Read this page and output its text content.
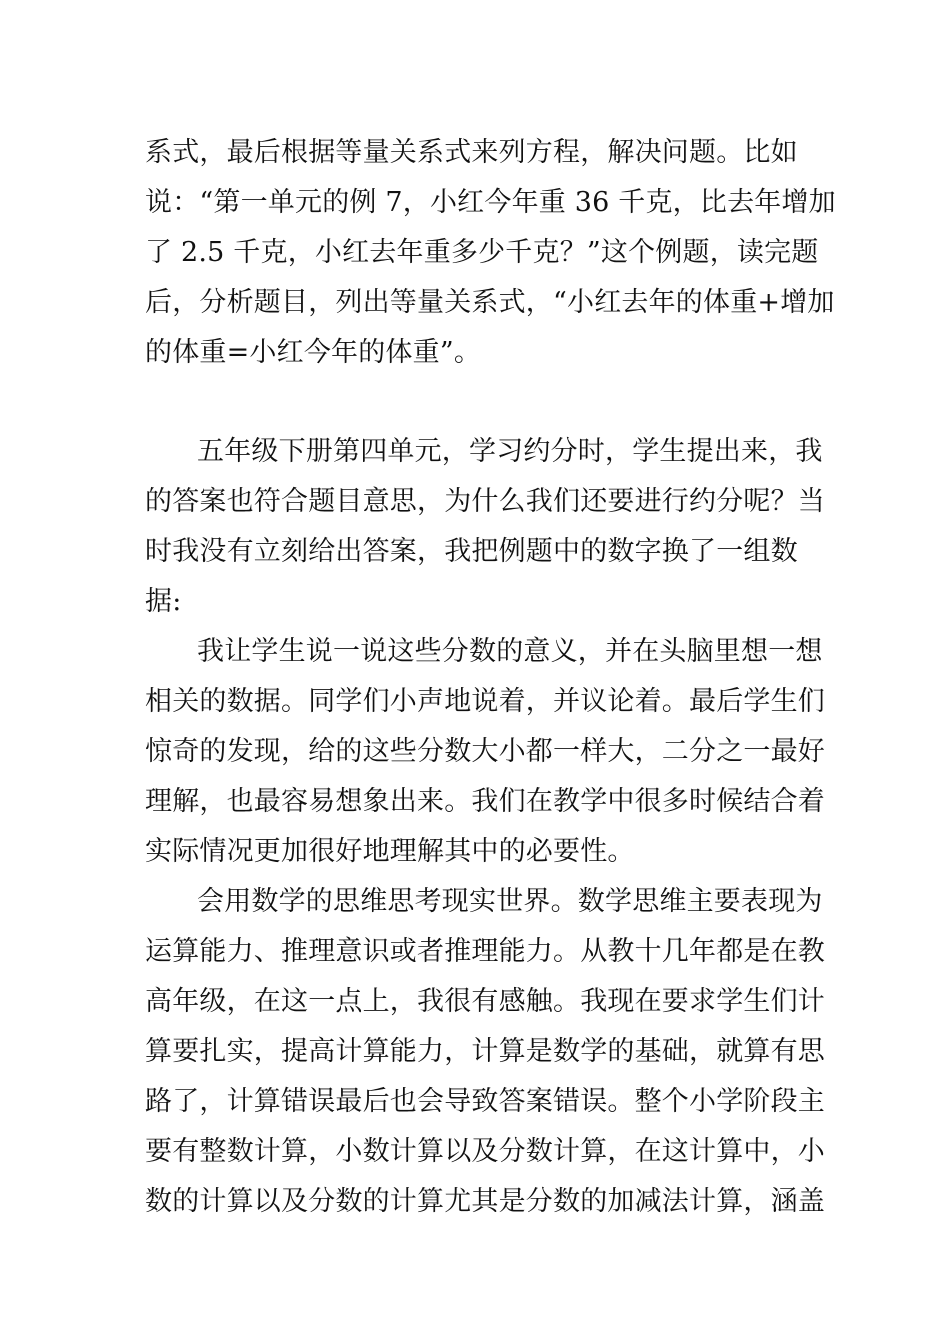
系式，最后根据等量关系式来列方程，解决问题。比如
说：“第一单元的例 7，小红今年重 36 千克，比去年增加
了 2.5 千克，小红去年重多少千克？”这个例题，读完题
后，分析题目，列出等量关系式，“小红去年的体重+增加
的体重=小红今年的体重”。
五年级下册第四单元，学习约分时，学生提出来，我
的答案也符合题目意思，为什么我们还要进行约分呢？当
时我没有立刻给出答案，我把例题中的数字换了一组数
据:
我让学生说一说这些分数的意义，并在头脑里想一想
相关的数据。同学们小声地说着，并议论着。最后学生们
惊奇的发现，给的这些分数大小都一样大，二分之一最好
理解，也最容易想象出来。我们在教学中很多时候结合着
实际情况更加很好地理解其中的必要性。
会用数学的思维思考现实世界。数学思维主要表现为
运算能力、推理意识或者推理能力。从教十几年都是在教
高年级，在这一点上，我很有感触。我现在要求学生们计
算要扎实，提高计算能力，计算是数学的基础，就算有思
路了，计算错误最后也会导致答案错误。整个小学阶段主
要有整数计算，小数计算以及分数计算，在这计算中，小
数的计算以及分数的计算尤其是分数的加减法计算，涵盖
